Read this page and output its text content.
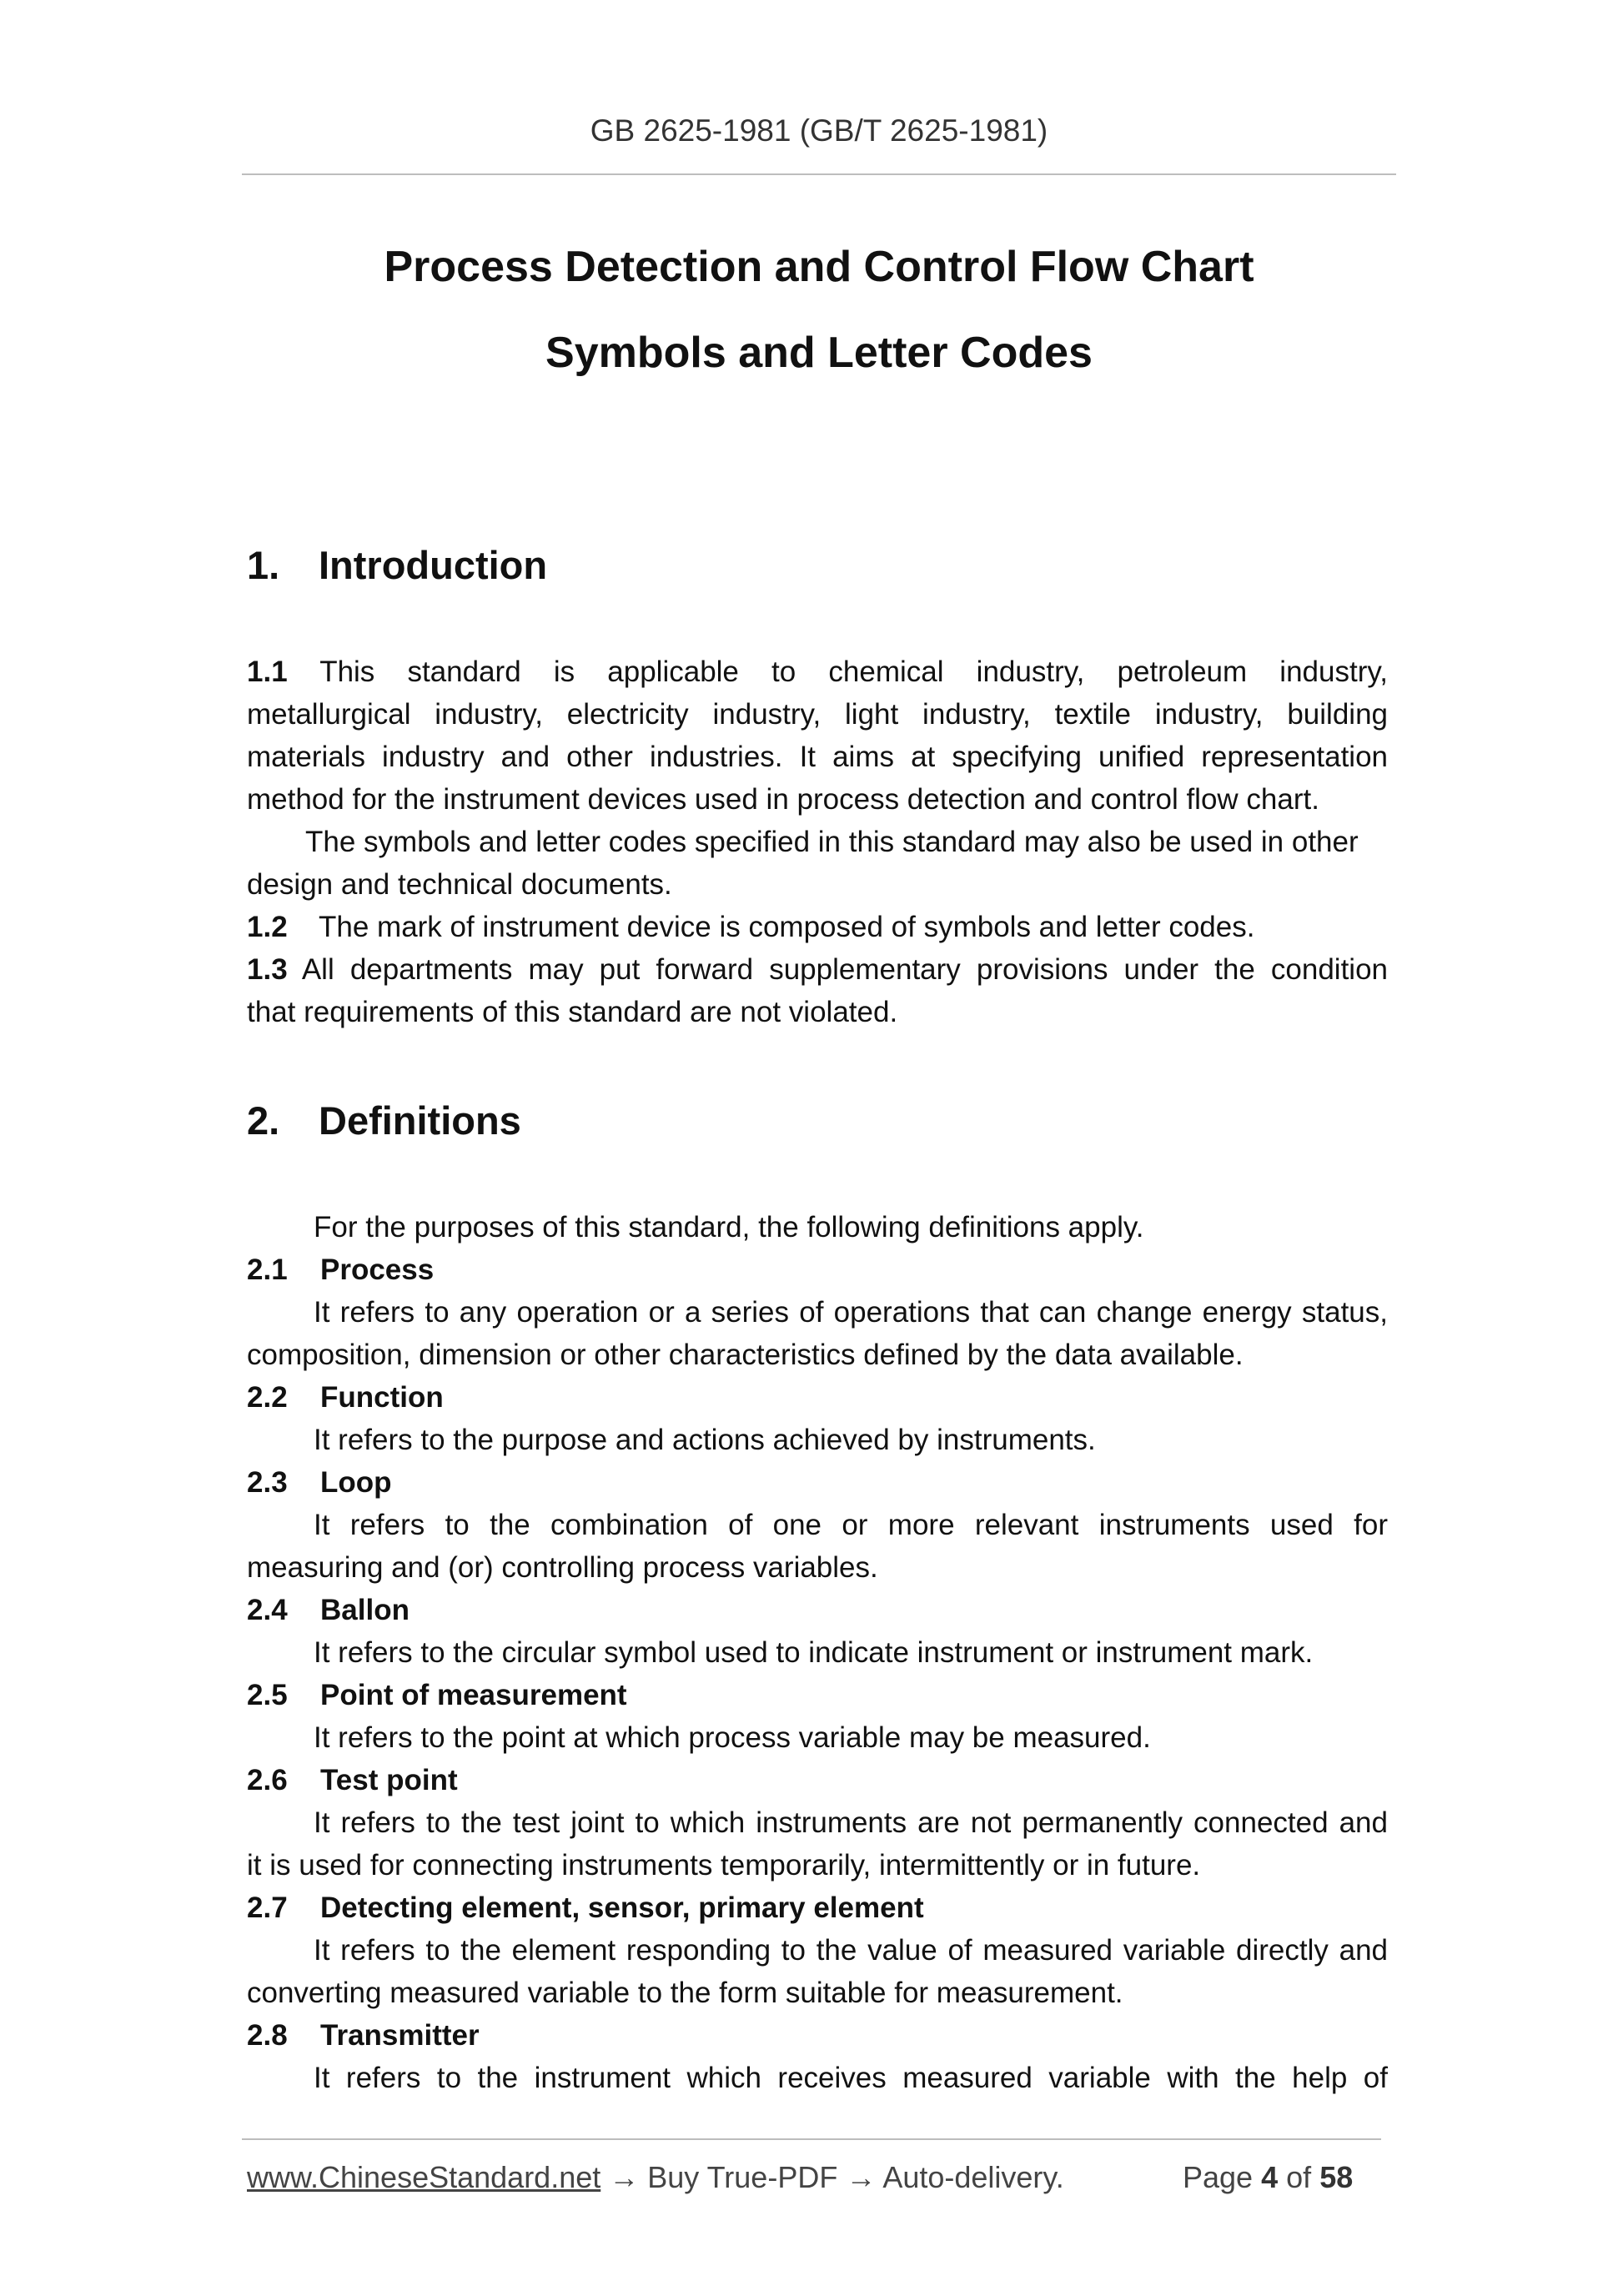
GB 2625-1981 (GB/T 2625-1981)
Process Detection and Control Flow Chart
Symbols and Letter Codes
1. Introduction
1.1 This standard is applicable to chemical industry, petroleum industry,
metallurgical industry, electricity industry, light industry, textile industry, building
materials industry and other industries. It aims at specifying unified representation
method for the instrument devices used in process detection and control flow chart.
The symbols and letter codes specified in this standard may also be used in other
design and technical documents.
1.2 The mark of instrument device is composed of symbols and letter codes.
1.3 All departments may put forward supplementary provisions under the condition
that requirements of this standard are not violated.
2. Definitions
For the purposes of this standard, the following definitions apply.
2.1 Process
It refers to any operation or a series of operations that can change energy status,
composition, dimension or other characteristics defined by the data available.
2.2 Function
It refers to the purpose and actions achieved by instruments.
2.3 Loop
It refers to the combination of one or more relevant instruments used for
measuring and (or) controlling process variables.
2.4 Ballon
It refers to the circular symbol used to indicate instrument or instrument mark.
2.5 Point of measurement
It refers to the point at which process variable may be measured.
2.6 Test point
It refers to the test joint to which instruments are not permanently connected and
it is used for connecting instruments temporarily, intermittently or in future.
2.7 Detecting element, sensor, primary element
It refers to the element responding to the value of measured variable directly and
converting measured variable to the form suitable for measurement.
2.8 Transmitter
It refers to the instrument which receives measured variable with the help of
www.ChineseStandard.net → Buy True-PDF → Auto-delivery.	Page 4 of 58
